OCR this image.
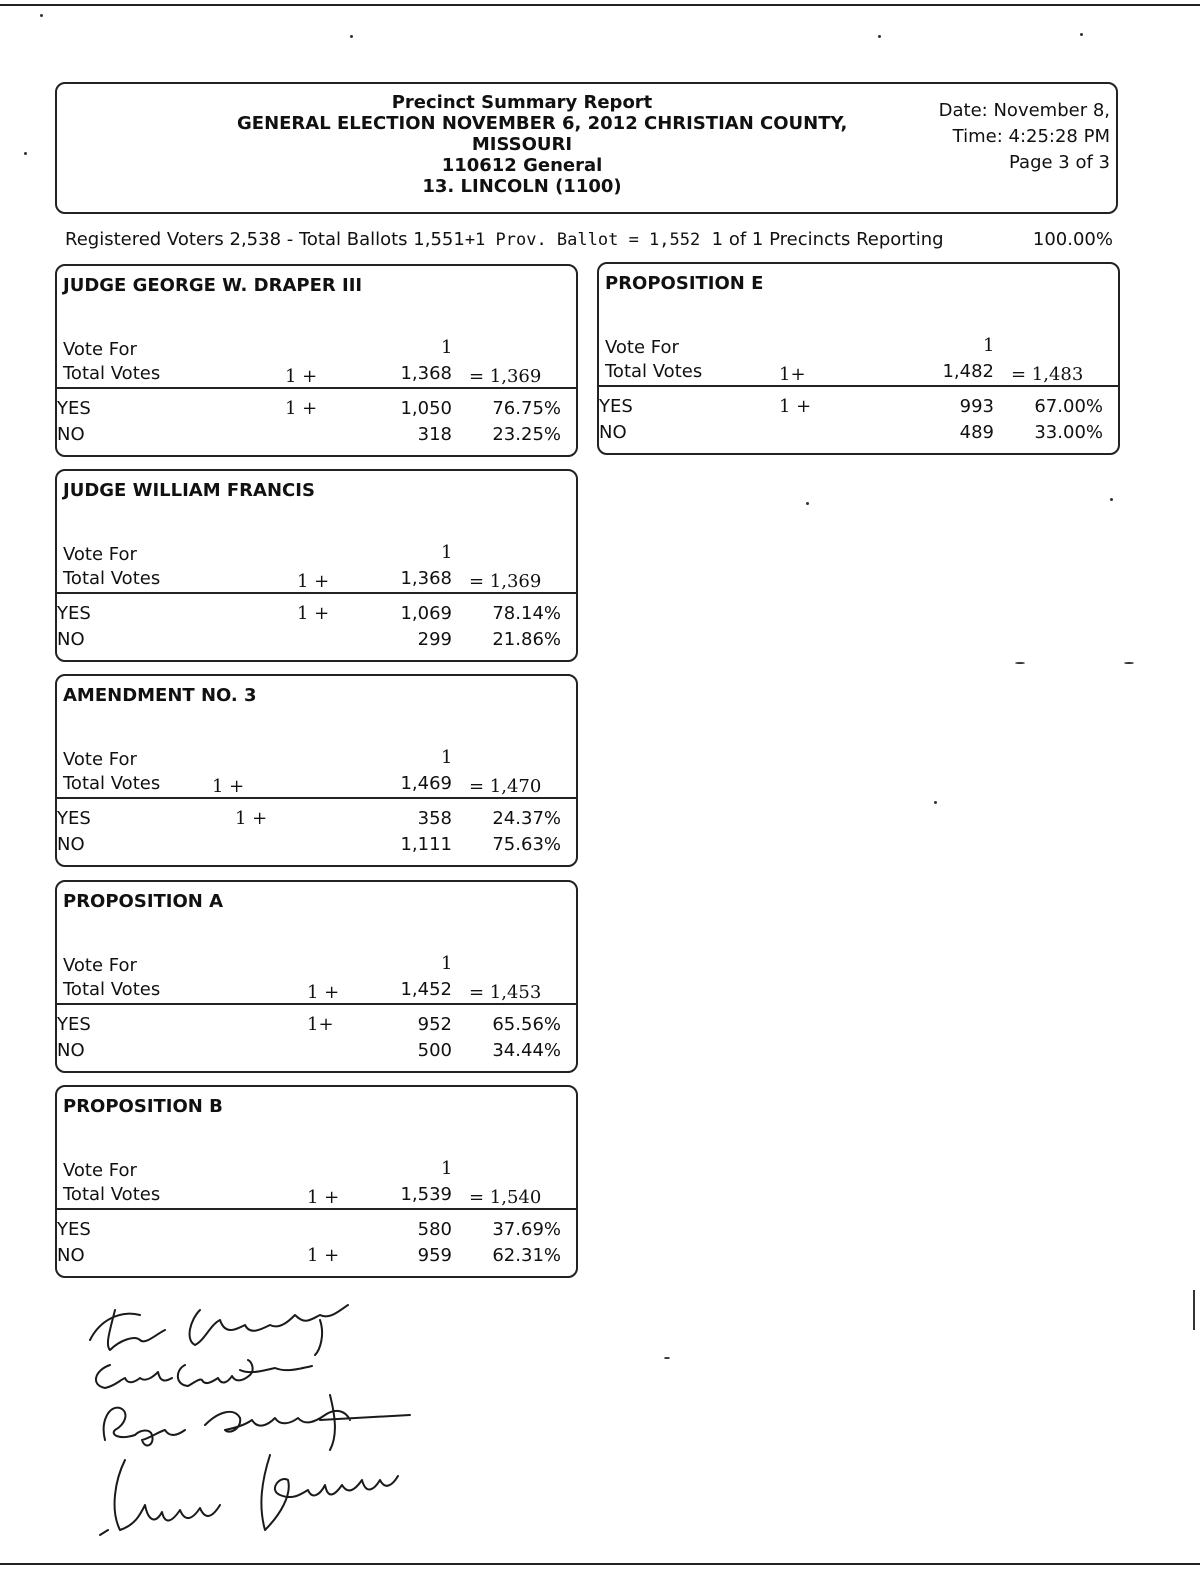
Precinct Summary Report
GENERAL ELECTION NOVEMBER 6, 2012 CHRISTIAN COUNTY,
MISSOURI
110612 General
13. LINCOLN (1100)
Date: November 8,
Time: 4:25:28 PM
Page 3 of 3
Registered Voters 2,538 - Total Ballots 1,551+1 Prov. Ballot = 1,552 1 of 1 Precincts Reporting	100.00%
JUDGE GEORGE W. DRAPER III
Vote For	1
Total Votes	1 +	1,368 = 1,369
YES	1 +	1,050 76.75%
NO	318 23.25%
JUDGE WILLIAM FRANCIS
Vote For	1
Total Votes	1 +	1,368 = 1,369
YES	1 +	1,069 78.14%
NO	299 21.86%
AMENDMENT NO. 3
Vote For	1
Total Votes	1 +	1,469 = 1,470
YES	1 +	358 24.37%
NO	1,111 75.63%
PROPOSITION A
Vote For	1
Total Votes	1 +	1,452 = 1,453
YES	1+	952 65.56%
NO	500 34.44%
PROPOSITION B
Vote For	1
Total Votes	1 +	1,539 = 1,540
YES	580 37.69%
NO	1 +	959 62.31%
PROPOSITION E
Vote For	1
Total Votes	1+	1,482 = 1,483
YES	1 +	993 67.00%
NO	489 33.00%
